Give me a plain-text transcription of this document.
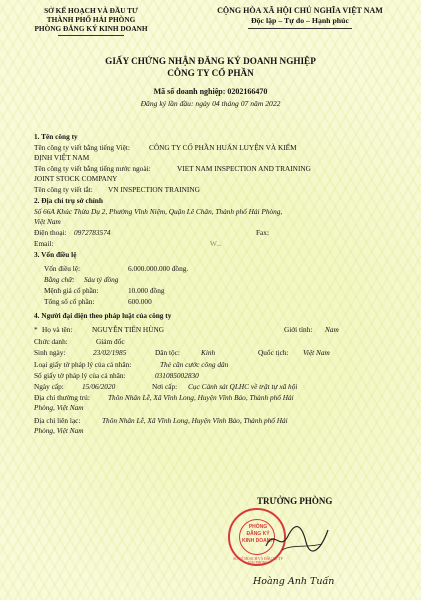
SỞ KẾ HOẠCH VÀ ĐẦU TƯ
THÀNH PHỐ HẢI PHÒNG
PHÒNG ĐĂNG KÝ KINH DOANH
CỘNG HÒA XÃ HỘI CHỦ NGHĨA VIỆT NAM
Độc lập – Tự do – Hạnh phúc
GIẤY CHỨNG NHẬN ĐĂNG KÝ DOANH NGHIỆP
CÔNG TY CỔ PHẦN
Mã số doanh nghiệp: 0202166470
Đăng ký lần đầu: ngày 04 tháng 07 năm 2022
1. Tên công ty
Tên công ty viết bằng tiếng Việt:	CÔNG TY CỔ PHẦN HUẤN LUYỆN VÀ KIỂM
ĐỊNH VIỆT NAM
Tên công ty viết bằng tiếng nước ngoài:	VIET NAM INSPECTION AND TRAINING
JOINT STOCK COMPANY
Tên công ty viết tắt: VN INSPECTION TRAINING
2. Địa chỉ trụ sở chính
Số 66A Khúc Thừa Dụ 2, Phường Vĩnh Niệm, Quận Lê Chân, Thành phố Hải Phòng,
Việt Nam
Điện thoại: 0972783574	Fax:
Email:	W...
3. Vốn điều lệ
Vốn điều lệ:	6.000.000.000 đồng.
Bằng chữ: Sáu tỷ đồng
Mệnh giá cổ phần:	10.000 đồng
Tổng số cổ phần:	600.000
4. Người đại diện theo pháp luật của công ty
* Họ và tên:	NGUYỄN TIẾN HÙNG	Giới tính: Nam
Chức danh:	Giám đốc
Sinh ngày:	23/02/1985	Dân tộc:	Kinh	Quốc tịch: Việt Nam
Loại giấy tờ pháp lý của cá nhân:	Thẻ căn cước công dân
Số giấy tờ pháp lý của cá nhân:	031085002830
Ngày cấp: 15/06/2020	Nơi cấp: Cục Cảnh sát QLHC về trật tự xã hội
Địa chỉ thường trú: Thôn Nhân Lễ, Xã Vĩnh Long, Huyện Vĩnh Bảo, Thành phố Hải
Phòng, Việt Nam
Địa chỉ liên lạc:	Thôn Nhân Lễ, Xã Vĩnh Long, Huyện Vĩnh Bảo, Thành phố Hải
Phòng, Việt Nam
TRƯỞNG PHÒNG
PHÒNG
ĐĂNG KÝ
KINH DOANH
SỞ KẾ HOẠCH VÀ ĐẦU TƯ TP HẢI PHÒNG
Hoàng Anh Tuấn
